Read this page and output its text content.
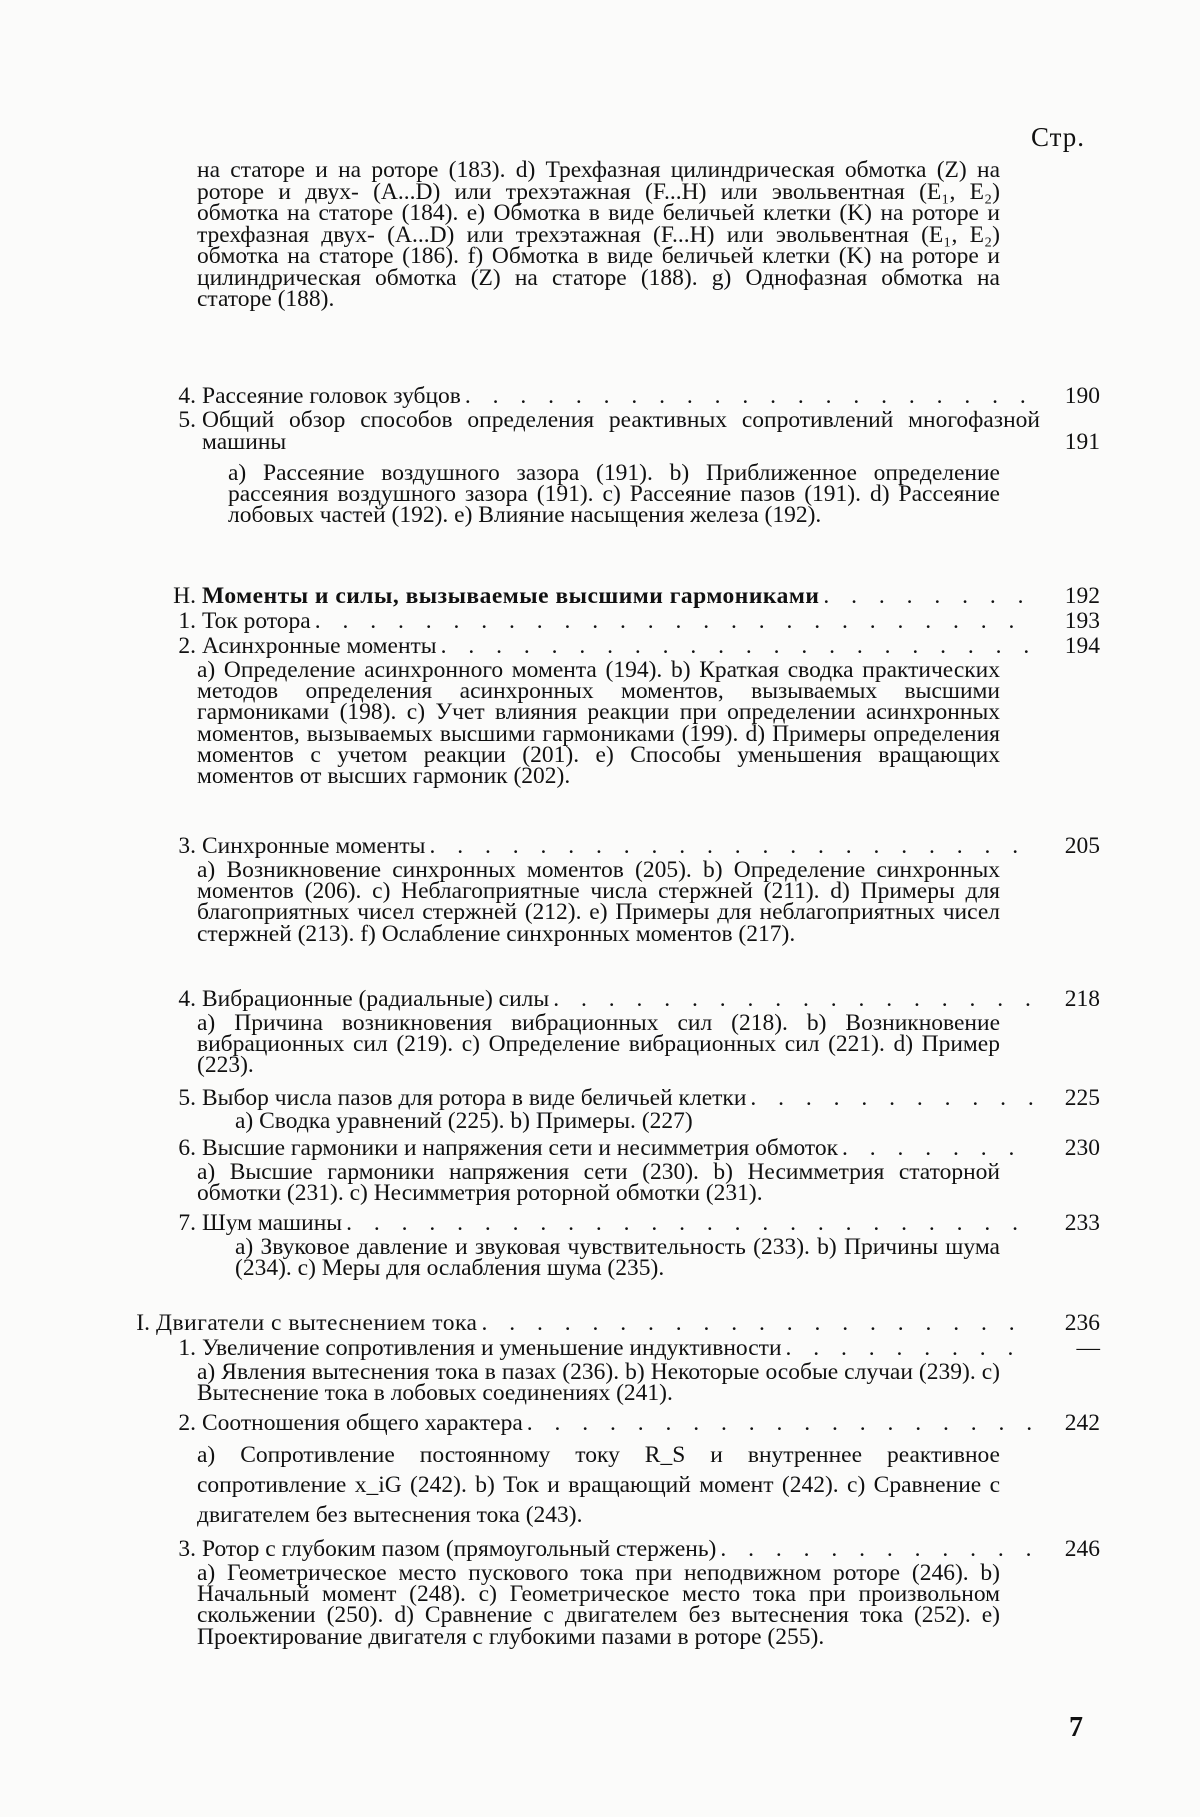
Стр.
на статоре и на роторе (183). d) Трехфазная цилиндрическая обмотка (Z) на роторе и двух- (A...D) или трехэтажная (F...H) или эвольвентная (E₁, E₂) обмотка на статоре (184). e) Обмотка в виде беличьей клетки (K) на роторе и трехфазная двух- (A...D) или трехэтажная (F...H) или эвольвентная (E₁, E₂) обмотка на статоре (186). f) Обмотка в виде беличьей клетки (K) на роторе и цилиндрическая обмотка (Z) на статоре (188). g) Однофазная обмотка на статоре (188).
4. Рассеяние головок зубцов
. . .	190
5. Общий обзор способов определения реактивных сопротивлений многофазной машины	191
a) Рассеяние воздушного зазора (191). b) Приближенное определение рассеяния воздушного зазора (191). c) Рассеяние пазов (191). d) Рассеяние лобовых частей (192). e) Влияние насыщения железа (192).
H. Моменты и силы, вызываемые высшими гармониками
. . .	192
1. Ток ротора
. . .	193
2. Асинхронные моменты
. . .	194
a) Определение асинхронного момента (194). b) Краткая сводка практических методов определения асинхронных моментов, вызываемых высшими гармониками (198). c) Учет влияния реакции при определении асинхронных моментов, вызываемых высшими гармониками (199). d) Примеры определения моментов с учетом реакции (201). e) Способы уменьшения вращающих моментов от высших гармоник (202).
3. Синхронные моменты
. . .	205
a) Возникновение синхронных моментов (205). b) Определение синхронных моментов (206). c) Неблагоприятные числа стержней (211). d) Примеры для благоприятных чисел стержней (212). e) Примеры для неблагоприятных чисел стержней (213). f) Ослабление синхронных моментов (217).
4. Вибрационные (радиальные) силы
. . .	218
a) Причина возникновения вибрационных сил (218). b) Возникновение вибрационных сил (219). c) Определение вибрационных сил (221). d) Пример (223).
5. Выбор числа пазов для ротора в виде беличьей клетки
. . .	225
a) Сводка уравнений (225). b) Примеры. (227)
6. Высшие гармоники и напряжения сети и несимметрия обмоток
. . .	230
a) Высшие гармоники напряжения сети (230). b) Несимметрия статорной обмотки (231). c) Несимметрия роторной обмотки (231).
7. Шум машины
. . .	233
a) Звуковое давление и звуковая чувствительность (233). b) Причины шума (234). c) Меры для ослабления шума (235).
I. Двигатели с вытеснением тока
. . .	236
1. Увеличение сопротивления и уменьшение индуктивности
. . .	—
a) Явления вытеснения тока в пазах (236). b) Некоторые особые случаи (239). c) Вытеснение тока в лобовых соединениях (241).
2. Соотношения общего характера
. . .	242
a) Сопротивление постоянному току R_S и внутреннее реактивное сопротивление x_iG (242). b) Ток и вращающий момент (242). c) Сравнение с двигателем без вытеснения тока (243).
3. Ротор с глубоким пазом (прямоугольный стержень)
. . .	246
a) Геометрическое место пускового тока при неподвижном роторе (246). b) Начальный момент (248). c) Геометрическое место тока при произвольном скольжении (250). d) Сравнение с двигателем без вытеснения тока (252). e) Проектирование двигателя с глубокими пазами в роторе (255).
7
